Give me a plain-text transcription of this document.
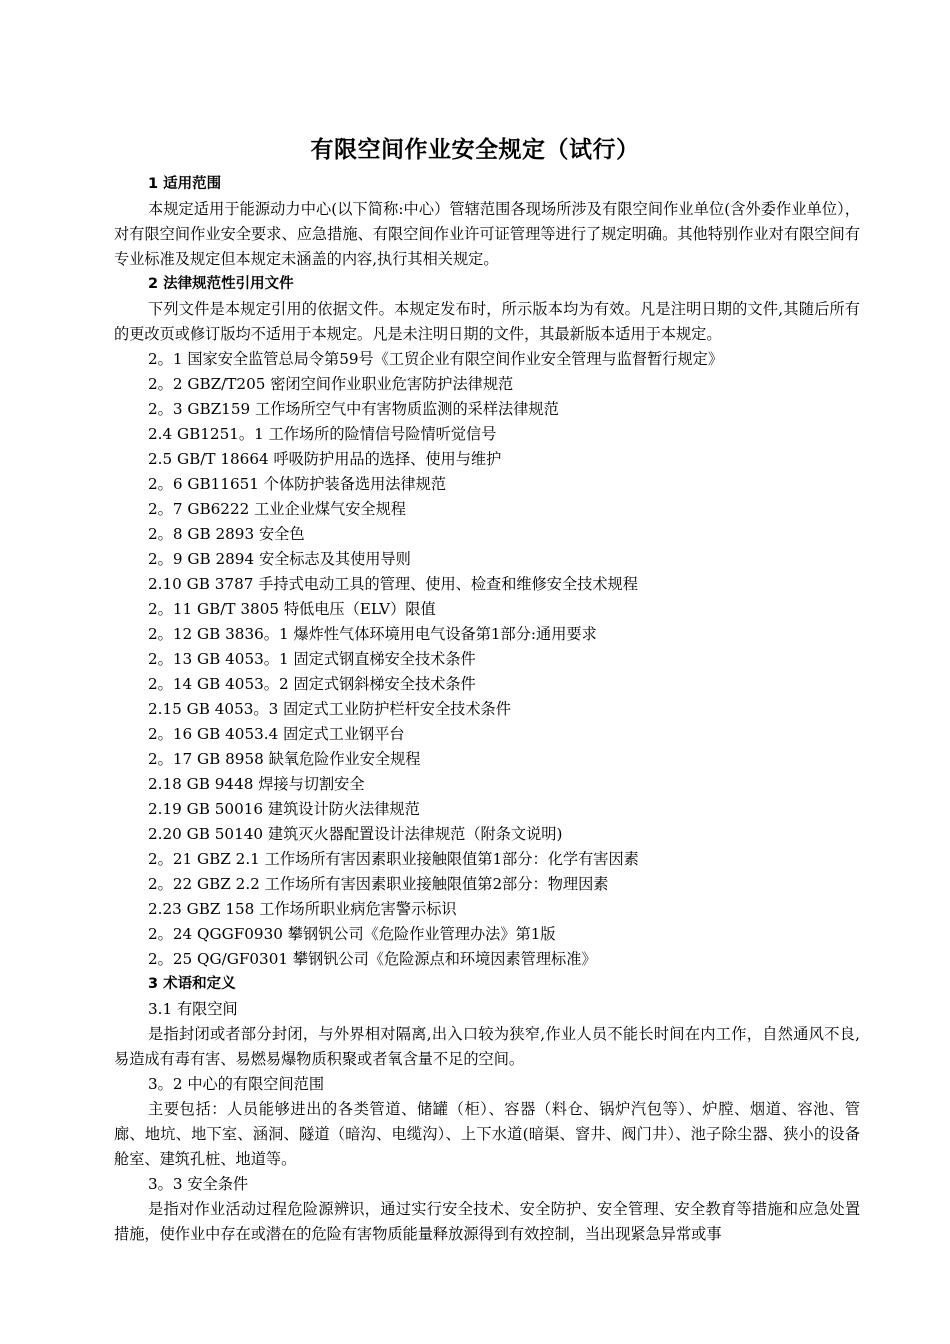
有限空间作业安全规定（试行）
1 适用范围
本规定适用于能源动力中心(以下简称:中心）管辖范围各现场所涉及有限空间作业单位(含外委作业单位），对有限空间作业安全要求、应急措施、有限空间作业许可证管理等进行了规定明确。其他特别作业对有限空间有专业标准及规定但本规定未涵盖的内容,执行其相关规定。
2 法律规范性引用文件
下列文件是本规定引用的依据文件。本规定发布时，所示版本均为有效。凡是注明日期的文件,其随后所有的更改页或修订版均不适用于本规定。凡是未注明日期的文件，其最新版本适用于本规定。
2。1 国家安全监管总局令第59号《工贸企业有限空间作业安全管理与监督暂行规定》
2。2 GBZ/T205 密闭空间作业职业危害防护法律规范
2。3 GBZ159 工作场所空气中有害物质监测的采样法律规范
2.4 GB1251。1 工作场所的险情信号险情听觉信号
2.5 GB/T 18664 呼吸防护用品的选择、使用与维护
2。6 GB11651 个体防护装备选用法律规范
2。7 GB6222 工业企业煤气安全规程
2。8 GB 2893 安全色
2。9 GB 2894 安全标志及其使用导则
2.10 GB 3787 手持式电动工具的管理、使用、检查和维修安全技术规程
2。11 GB/T 3805 特低电压（ELV）限值
2。12 GB 3836。1 爆炸性气体环境用电气设备第1部分:通用要求
2。13 GB 4053。1 固定式钢直梯安全技术条件
2。14 GB 4053。2 固定式钢斜梯安全技术条件
2.15 GB 4053。3 固定式工业防护栏杆安全技术条件
2。16 GB 4053.4 固定式工业钢平台
2。17 GB 8958 缺氧危险作业安全规程
2.18 GB 9448 焊接与切割安全
2.19 GB 50016 建筑设计防火法律规范
2.20 GB 50140 建筑灭火器配置设计法律规范（附条文说明)
2。21 GBZ 2.1 工作场所有害因素职业接触限值第1部分：化学有害因素
2。22 GBZ 2.2 工作场所有害因素职业接触限值第2部分：物理因素
2.23 GBZ 158 工作场所职业病危害警示标识
2。24 QGGF0930 攀钢钒公司《危险作业管理办法》第1版
2。25 QG/GF0301 攀钢钒公司《危险源点和环境因素管理标准》
3 术语和定义
3.1 有限空间
是指封闭或者部分封闭，与外界相对隔离,出入口较为狭窄,作业人员不能长时间在内工作，自然通风不良,易造成有毒有害、易燃易爆物质积聚或者氧含量不足的空间。
3。2 中心的有限空间范围
主要包括：人员能够进出的各类管道、储罐（柜）、容器（料仓、锅炉汽包等）、炉膛、烟道、容池、管廊、地坑、地下室、涵洞、隧道（暗沟、电缆沟）、上下水道(暗渠、窨井、阀门井）、池子除尘器、狭小的设备舱室、建筑孔桩、地道等。
3。3 安全条件
是指对作业活动过程危险源辨识，通过实行安全技术、安全防护、安全管理、安全教育等措施和应急处置措施，使作业中存在或潜在的危险有害物质能量释放源得到有效控制，当出现紧急异常或事
